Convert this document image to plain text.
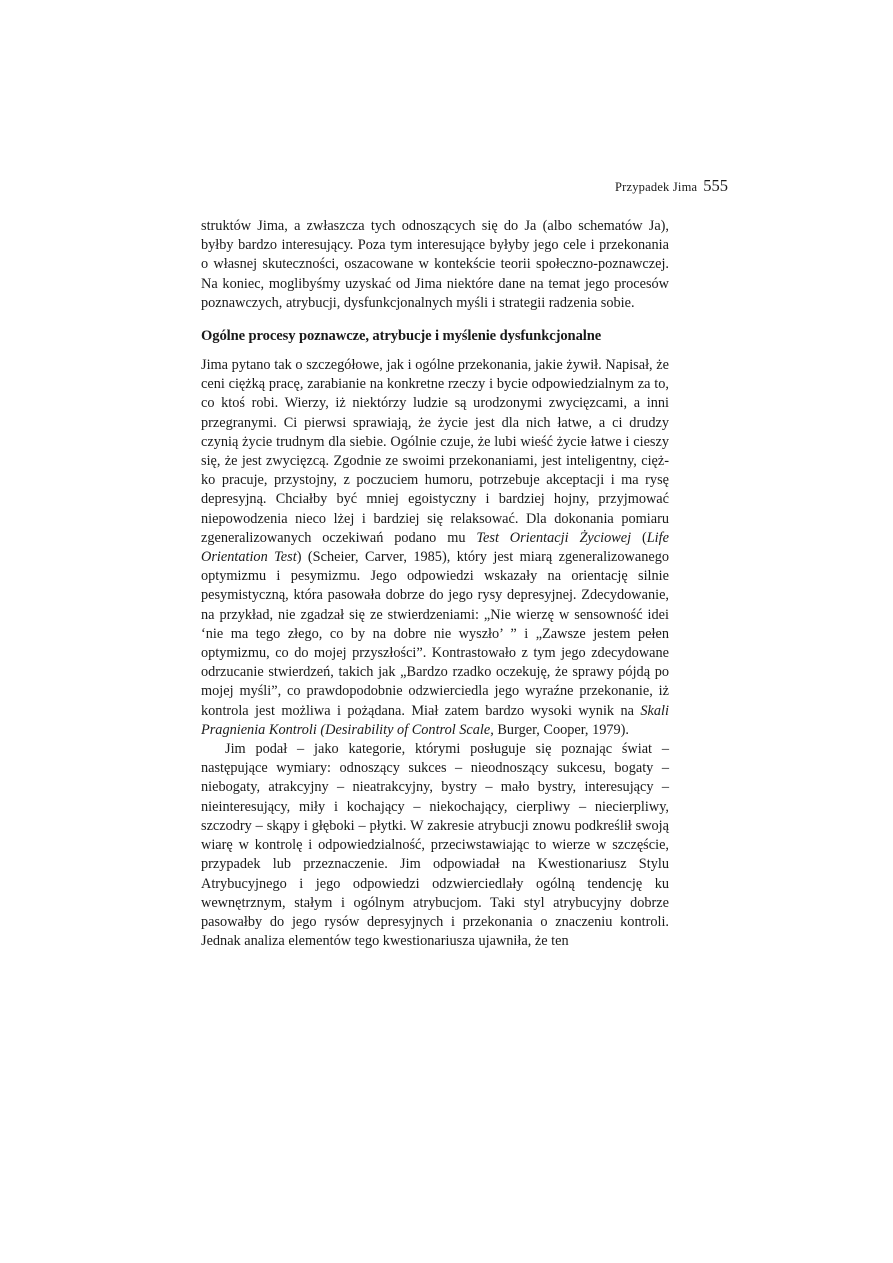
Przypadek Jima 555

struktów Jima, a zwłaszcza tych odnoszących się do Ja (albo schematów Ja), byłby bardzo interesujący. Poza tym interesujące byłyby jego cele i przekonania o własnej skuteczności, oszacowane w kontekście teorii społeczno-poznawczej. Na koniec, moglibyśmy uzyskać od Jima niektóre dane na temat jego procesów poznawczych, atrybucji, dysfunkcjonalnych myśli i strategii radzenia sobie.

Ogólne procesy poznawcze, atrybucje i myślenie dysfunkcjonalne

Jima pytano tak o szczegółowe, jak i ogólne przekonania, jakie żywił. Napisał, że ceni ciężką pracę, zarabianie na konkretne rzeczy i bycie odpowiedzialnym za to, co ktoś robi. Wierzy, iż niektórzy ludzie są urodzonymi zwycięzcami, a inni przegranymi. Ci pierwsi sprawiają, że życie jest dla nich łatwe, a ci drudzy czynią życie trudnym dla siebie. Ogólnie czuje, że lubi wieść życie łatwe i cieszy się, że jest zwycięzcą. Zgodnie ze swoimi przekonaniami, jest inteligentny, ciężko pracuje, przystojny, z poczuciem humoru, potrzebuje akceptacji i ma rysę depresyjną. Chciałby być mniej egoistyczny i bardziej hojny, przyjmować niepowodzenia nieco lżej i bardziej się relaksować. Dla dokonania pomiaru zgeneralizowanych oczekiwań podano mu Test Orientacji Życiowej (Life Orientation Test) (Scheier, Carver, 1985), który jest miarą zgeneralizowanego optymizmu i pesymizmu. Jego odpowiedzi wskazały na orientację silnie pesymistyczną, która pasowała dobrze do jego rysy depresyjnej. Zdecydowanie, na przykład, nie zgadzał się ze stwierdzeniami: „Nie wierzę w sensowność idei ‘nie ma tego złego, co by na dobre nie wyszło’ ” i „Zawsze jestem pełen optymizmu, co do mojej przyszłości”. Kontrastowało z tym jego zdecydowane odrzucanie stwierdzeń, takich jak „Bardzo rzadko oczekuję, że sprawy pójdą po mojej myśli”, co prawdopodobnie odzwierciedla jego wyraźne przekonanie, iż kontrola jest możliwa i pożądana. Miał zatem bardzo wysoki wynik na Skali Pragnienia Kontroli (Desirability of Control Scale, Burger, Cooper, 1979).

Jim podał – jako kategorie, którymi posługuje się poznając świat – następujące wymiary: odnoszący sukces – nieodnoszący sukcesu, bogaty – niebogaty, atrakcyjny – nieatrakcyjny, bystry – mało bystry, interesujący – nieinteresujący, miły i kochający – niekochający, cierpliwy – niecierpliwy, szczodry – skąpy i głęboki – płytki. W zakresie atrybucji znowu podkreślił swoją wiarę w kontrolę i odpowiedzialność, przeciwstawiając to wierze w szczęście, przypadek lub przeznaczenie. Jim odpowiadał na Kwestionariusz Stylu Atrybucyjnego i jego odpowiedzi odzwierciedlały ogólną tendencję ku wewnętrznym, stałym i ogólnym atrybucjom. Taki styl atrybucyjny dobrze pasowałby do jego rysów depresyjnych i przekonania o znaczeniu kontroli. Jednak analiza elementów tego kwestionariusza ujawniła, że ten
